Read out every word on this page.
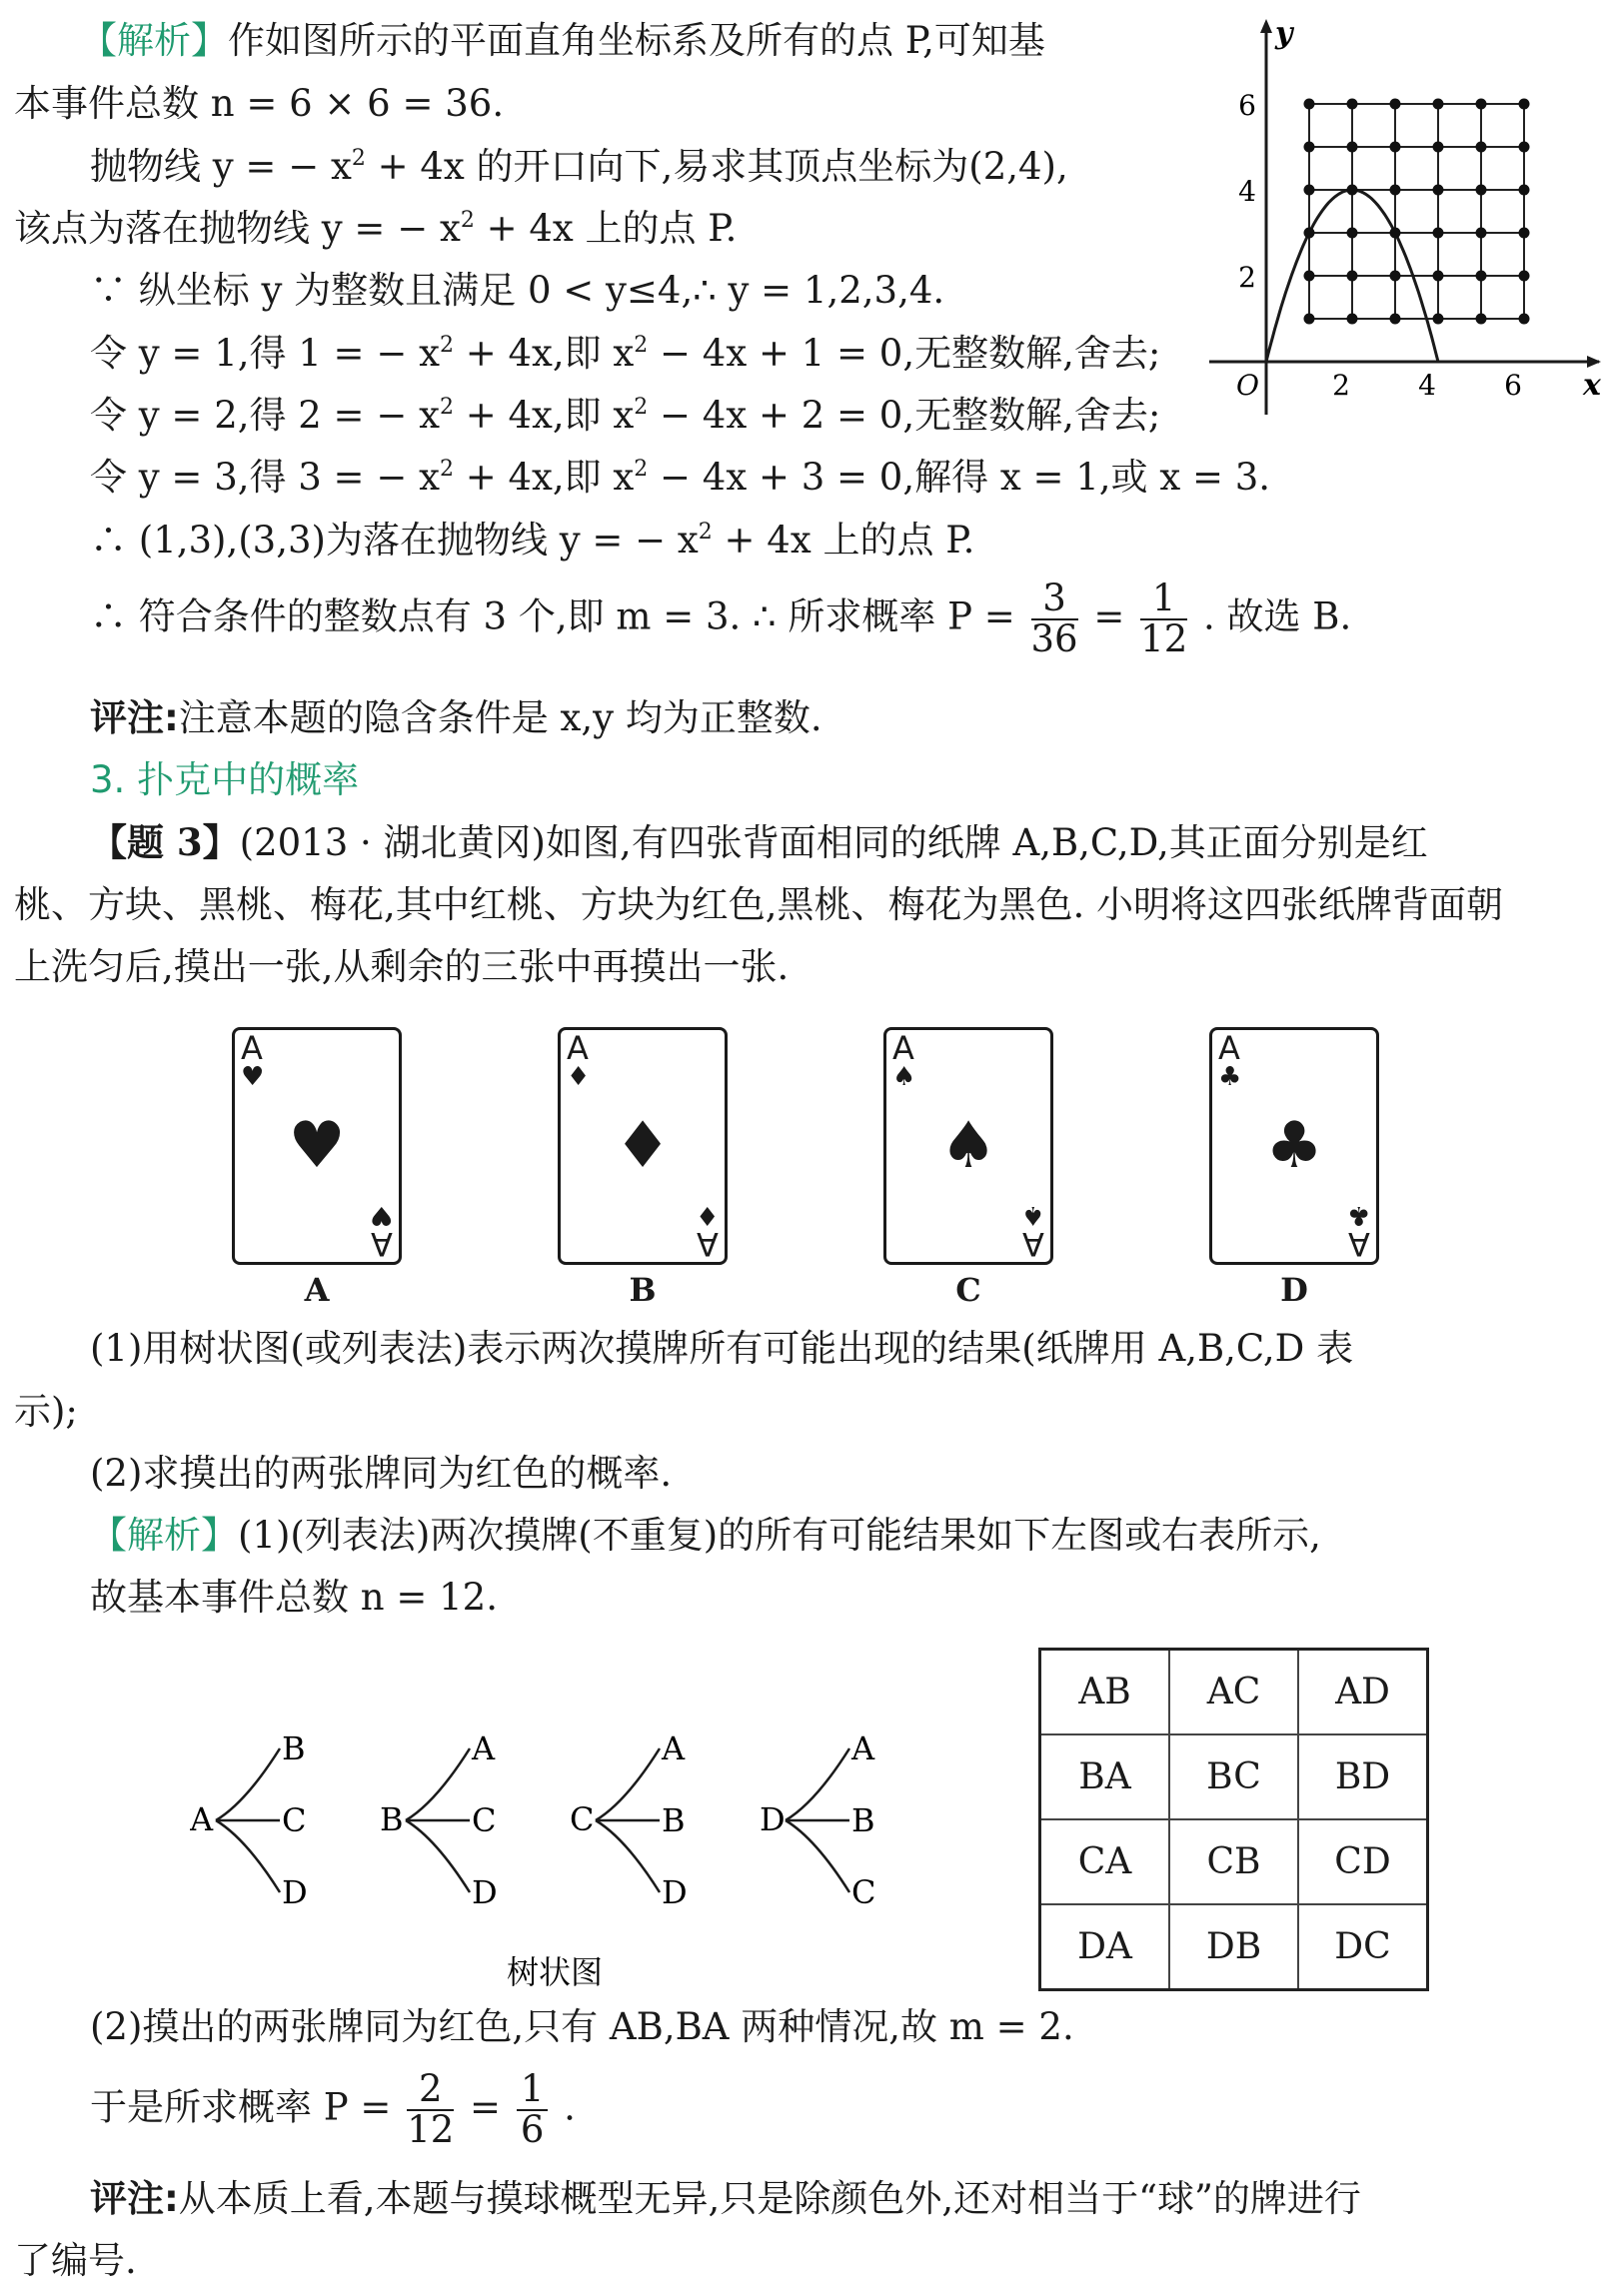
【解析】作如图所示的平面直角坐标系及所有的点 P,可知基
本事件总数 n = 6 × 6 = 36.
抛物线 y = − $x^2 + 4x$ 的开口向下,易求其顶点坐标为(2,4),
该点为落在抛物线 y = − $x^2 + 4x$ 上的点 P.
∵ 纵坐标 y 为整数且满足 0 < y≤4,∴ y = 1,2,3,4.
令 y = 1,得 1 = − $x^2 + 4x$,即 $x^2 - 4x + 1 = 0$,无整数解,舍去;
令 y = 2,得 2 = − $x^2 + 4x$,即 $x^2 - 4x + 2 = 0$,无整数解,舍去;
令 y = 3,得 3 = − $x^2 + 4x$,即 $x^2 - 4x + 3 = 0$,解得 x = 1,或 x = 3.
∴ (1,3),(3,3)为落在抛物线 y = − $x^2 + 4x$ 上的点 P.
∴ 符合条件的整数点有 3 个,即 m = 3. ∴ 所求概率 $P = \frac{3}{36} = \frac{1}{12}$ . 故选 B.
评注:注意本题的隐含条件是 x,y 均为正整数.
3. 扑克中的概率
【题 3】(2013 · 湖北黄冈)如图,有四张背面相同的纸牌 A,B,C,D,其正面分别是红
桃、方块、黑桃、梅花,其中红桃、方块为红色,黑桃、梅花为黑色. 小明将这四张纸牌背面朝
上洗匀后,摸出一张,从剩余的三张中再摸出一张.
y
x
O	2 4 6
2
4
6
A
♥
♥
♥
A
A
A
♦
♦
♦
A
B
A
♠
♠
♠
A
C
A
♣
♣
♣
A
D
(1)用树状图(或列表法)表示两次摸牌所有可能出现的结果(纸牌用 A,B,C,D 表
示);
(2)求摸出的两张牌同为红色的概率.
【解析】(1)(列表法)两次摸牌(不重复)的所有可能结果如下左图或右表所示,
故基本事件总数 n = 12.
A
B
C
D
B
A
C
D
C
A
B
D
D
A
B
C
树状图
AB	AC	AD
BA	BC	BD
CA	CB	CD
DA	DB	DC
(2)摸出的两张牌同为红色,只有 AB,BA 两种情况,故 m = 2.
于是所求概率 $P = \frac{2}{12} = \frac{1}{6}$ .
评注:从本质上看,本题与摸球概型无异,只是除颜色外,还对相当于“球”的牌进行
了编号.
